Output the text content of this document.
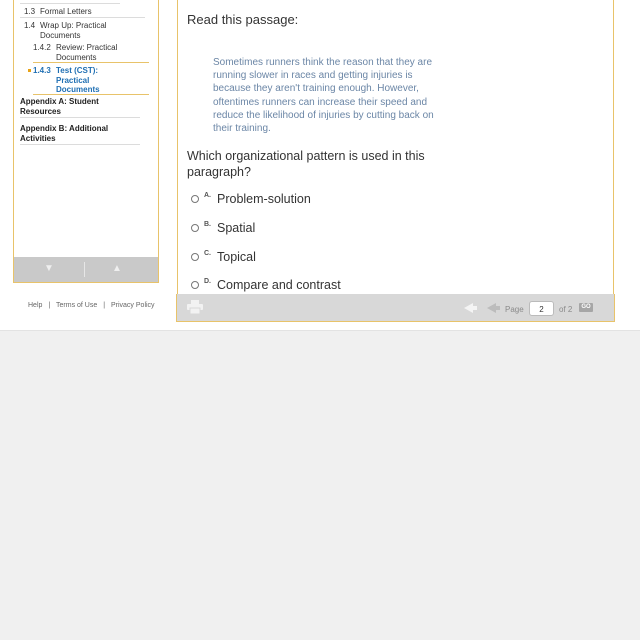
1.3 Formal Letters
1.4 Wrap Up: Practical Documents
1.4.2 Review: Practical Documents
1.4.3 Test (CST): Practical Documents
Appendix A: Student Resources
Appendix B: Additional Activities
▼	▲
Help | Terms of Use | Privacy Policy
Read this passage:
Sometimes runners think the reason that they are running slower in races and getting injuries is because they aren't training enough. However, oftentimes runners can increase their speed and reduce the likelihood of injuries by cutting back on their training.
Which organizational pattern is used in this paragraph?
A. Problem-solution
B. Spatial
C. Topical
D. Compare and contrast
Page	2	of 2	GO
